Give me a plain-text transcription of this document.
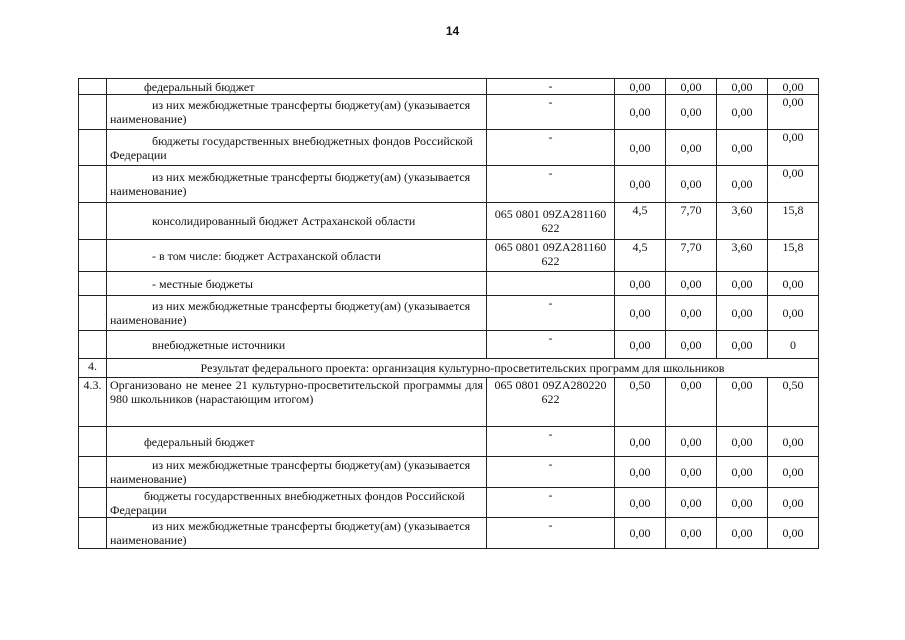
14
	федеральный бюджет	-	0,00	0,00	0,00	0,00
	из них межбюджетные трансферты бюджету(ам) (указывается наименование)	-	0,00	0,00	0,00	0,00
	бюджеты государственных внебюджетных фондов Российской Федерации	-	0,00	0,00	0,00	0,00
	из них межбюджетные трансферты бюджету(ам) (указывается наименование)	-	0,00	0,00	0,00	0,00
	консолидированный бюджет Астраханской области	065 0801 09ZA281160 622	4,5	7,70	3,60	15,8
	- в том числе: бюджет Астраханской области	065 0801 09ZA281160 622	4,5	7,70	3,60	15,8
	- местные бюджеты		0,00	0,00	0,00	0,00
	из них межбюджетные трансферты бюджету(ам) (указывается наименование)	-	0,00	0,00	0,00	0,00
	внебюджетные источники	-	0,00	0,00	0,00	0
4.	Результат федерального проекта: организация культурно-просветительских программ для школьников					
4.3.	Организовано не менее 21 культурно-просветительской программы для 980 школьников (нарастающим итогом)	065 0801 09ZA280220 622	0,50	0,00	0,00	0,50
	федеральный бюджет	-	0,00	0,00	0,00	0,00
	из них межбюджетные трансферты бюджету(ам) (указывается наименование)	-	0,00	0,00	0,00	0,00
	бюджеты государственных внебюджетных фондов Российской Федерации	-	0,00	0,00	0,00	0,00
	из них межбюджетные трансферты бюджету(ам) (указывается наименование)	-	0,00	0,00	0,00	0,00
